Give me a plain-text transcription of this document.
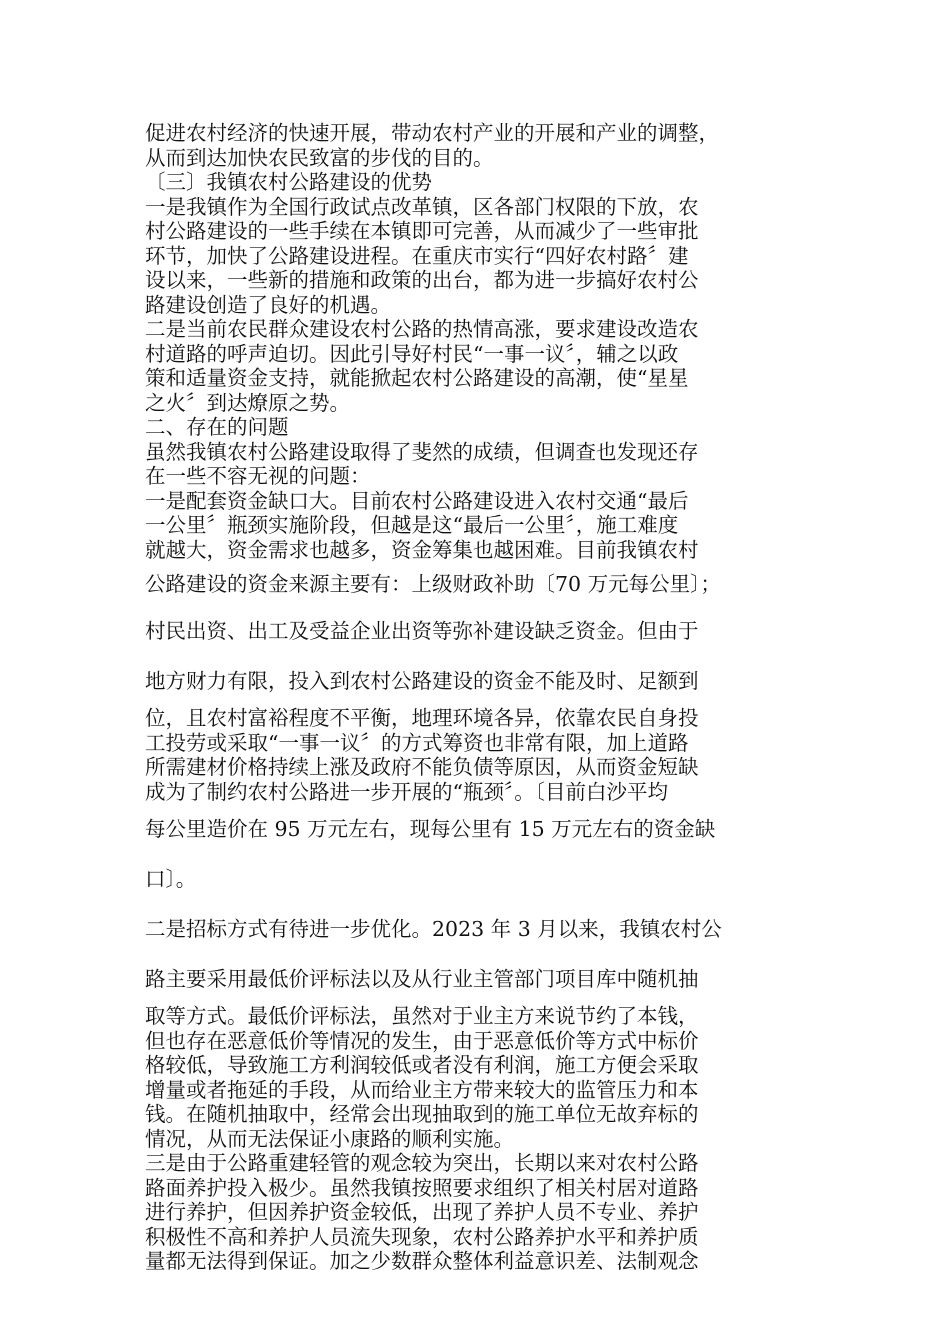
促进农村经济的快速开展，带动农村产业的开展和产业的调整，
从而到达加快农民致富的步伐的目的。
〔三〕我镇农村公路建设的优势
一是我镇作为全国行政试点改革镇，区各部门权限的下放，农
村公路建设的一些手续在本镇即可完善，从而减少了一些审批
环节，加快了公路建设进程。在重庆市实行“四好农村路〞建
设以来，一些新的措施和政策的出台，都为进一步搞好农村公
路建设创造了良好的机遇。
二是当前农民群众建设农村公路的热情高涨，要求建设改造农
村道路的呼声迫切。因此引导好村民“一事一议〞，辅之以政
策和适量资金支持，就能掀起农村公路建设的高潮，使“星星
之火〞到达燎原之势。
二、存在的问题
虽然我镇农村公路建设取得了斐然的成绩，但调查也发现还存
在一些不容无视的问题：
一是配套资金缺口大。目前农村公路建设进入农村交通“最后
一公里〞瓶颈实施阶段，但越是这“最后一公里〞，施工难度
就越大，资金需求也越多，资金筹集也越困难。目前我镇农村
公路建设的资金来源主要有：上级财政补助〔70 万元每公里〕；
村民出资、出工及受益企业出资等弥补建设缺乏资金。但由于
地方财力有限，投入到农村公路建设的资金不能及时、足额到
位，且农村富裕程度不平衡，地理环境各异，依靠农民自身投
工投劳或采取“一事一议〞的方式筹资也非常有限，加上道路
所需建材价格持续上涨及政府不能负债等原因，从而资金短缺
成为了制约农村公路进一步开展的“瓶颈〞。〔目前白沙平均
每公里造价在 95 万元左右，现每公里有 15 万元左右的资金缺
口〕。
二是招标方式有待进一步优化。2023 年 3 月以来，我镇农村公
路主要采用最低价评标法以及从行业主管部门项目库中随机抽
取等方式。最低价评标法，虽然对于业主方来说节约了本钱，
但也存在恶意低价等情况的发生，由于恶意低价等方式中标价
格较低，导致施工方利润较低或者没有利润，施工方便会采取
增量或者拖延的手段，从而给业主方带来较大的监管压力和本
钱。在随机抽取中，经常会出现抽取到的施工单位无故弃标的
情况，从而无法保证小康路的顺利实施。
三是由于公路重建轻管的观念较为突出，长期以来对农村公路
路面养护投入极少。虽然我镇按照要求组织了相关村居对道路
进行养护，但因养护资金较低，出现了养护人员不专业、养护
积极性不高和养护人员流失现象，农村公路养护水平和养护质
量都无法得到保证。加之少数群众整体利益意识差、法制观念
